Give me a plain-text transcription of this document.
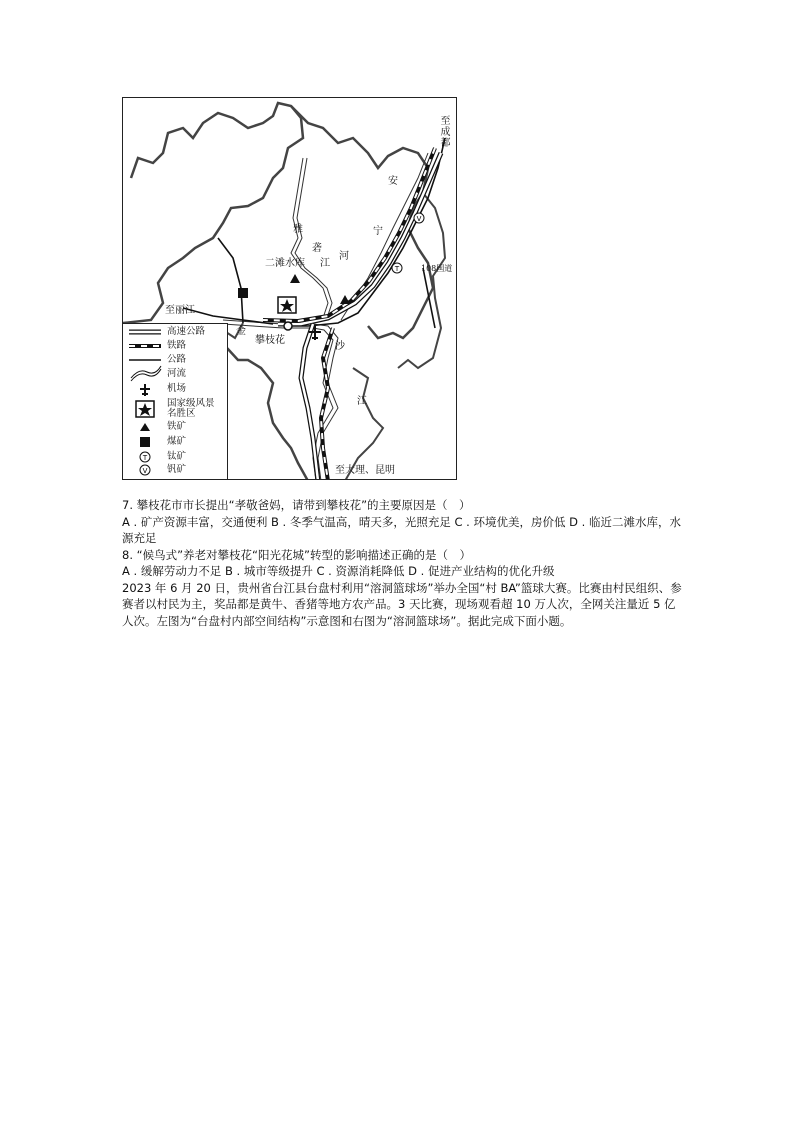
T
V
至成都
安
宁
河
雅
砻
江
二滩水库	108国道
至丽江
金
攀枝花
沙
江
至大理、昆明
T
V
高速公路
铁路
公路
河流
机场
国家级风景名胜区
铁矿
煤矿
钛矿
钒矿

7. 攀枝花市市长提出“孝敬爸妈，请带到攀枝花”的主要原因是（　）

A . 矿产资源丰富，交通便利 B . 冬季气温高，晴天多，光照充足 C . 环境优美，房价低 D . 临近二滩水库，水源充足

8. “候鸟式”养老对攀枝花“阳光花城”转型的影响描述正确的是（　）

A . 缓解劳动力不足 B . 城市等级提升 C . 资源消耗降低 D . 促进产业结构的优化升级

2023 年 6 月 20 日，贵州省台江县台盘村利用“溶洞篮球场”举办全国“村 BA”篮球大赛。比赛由村民组织、参赛者以村民为主，奖品都是黄牛、香猪等地方农产品。3 天比赛，现场观看超 10 万人次，全网关注量近 5 亿人次。左图为“台盘村内部空间结构”示意图和右图为“溶洞篮球场”。据此完成下面小题。
